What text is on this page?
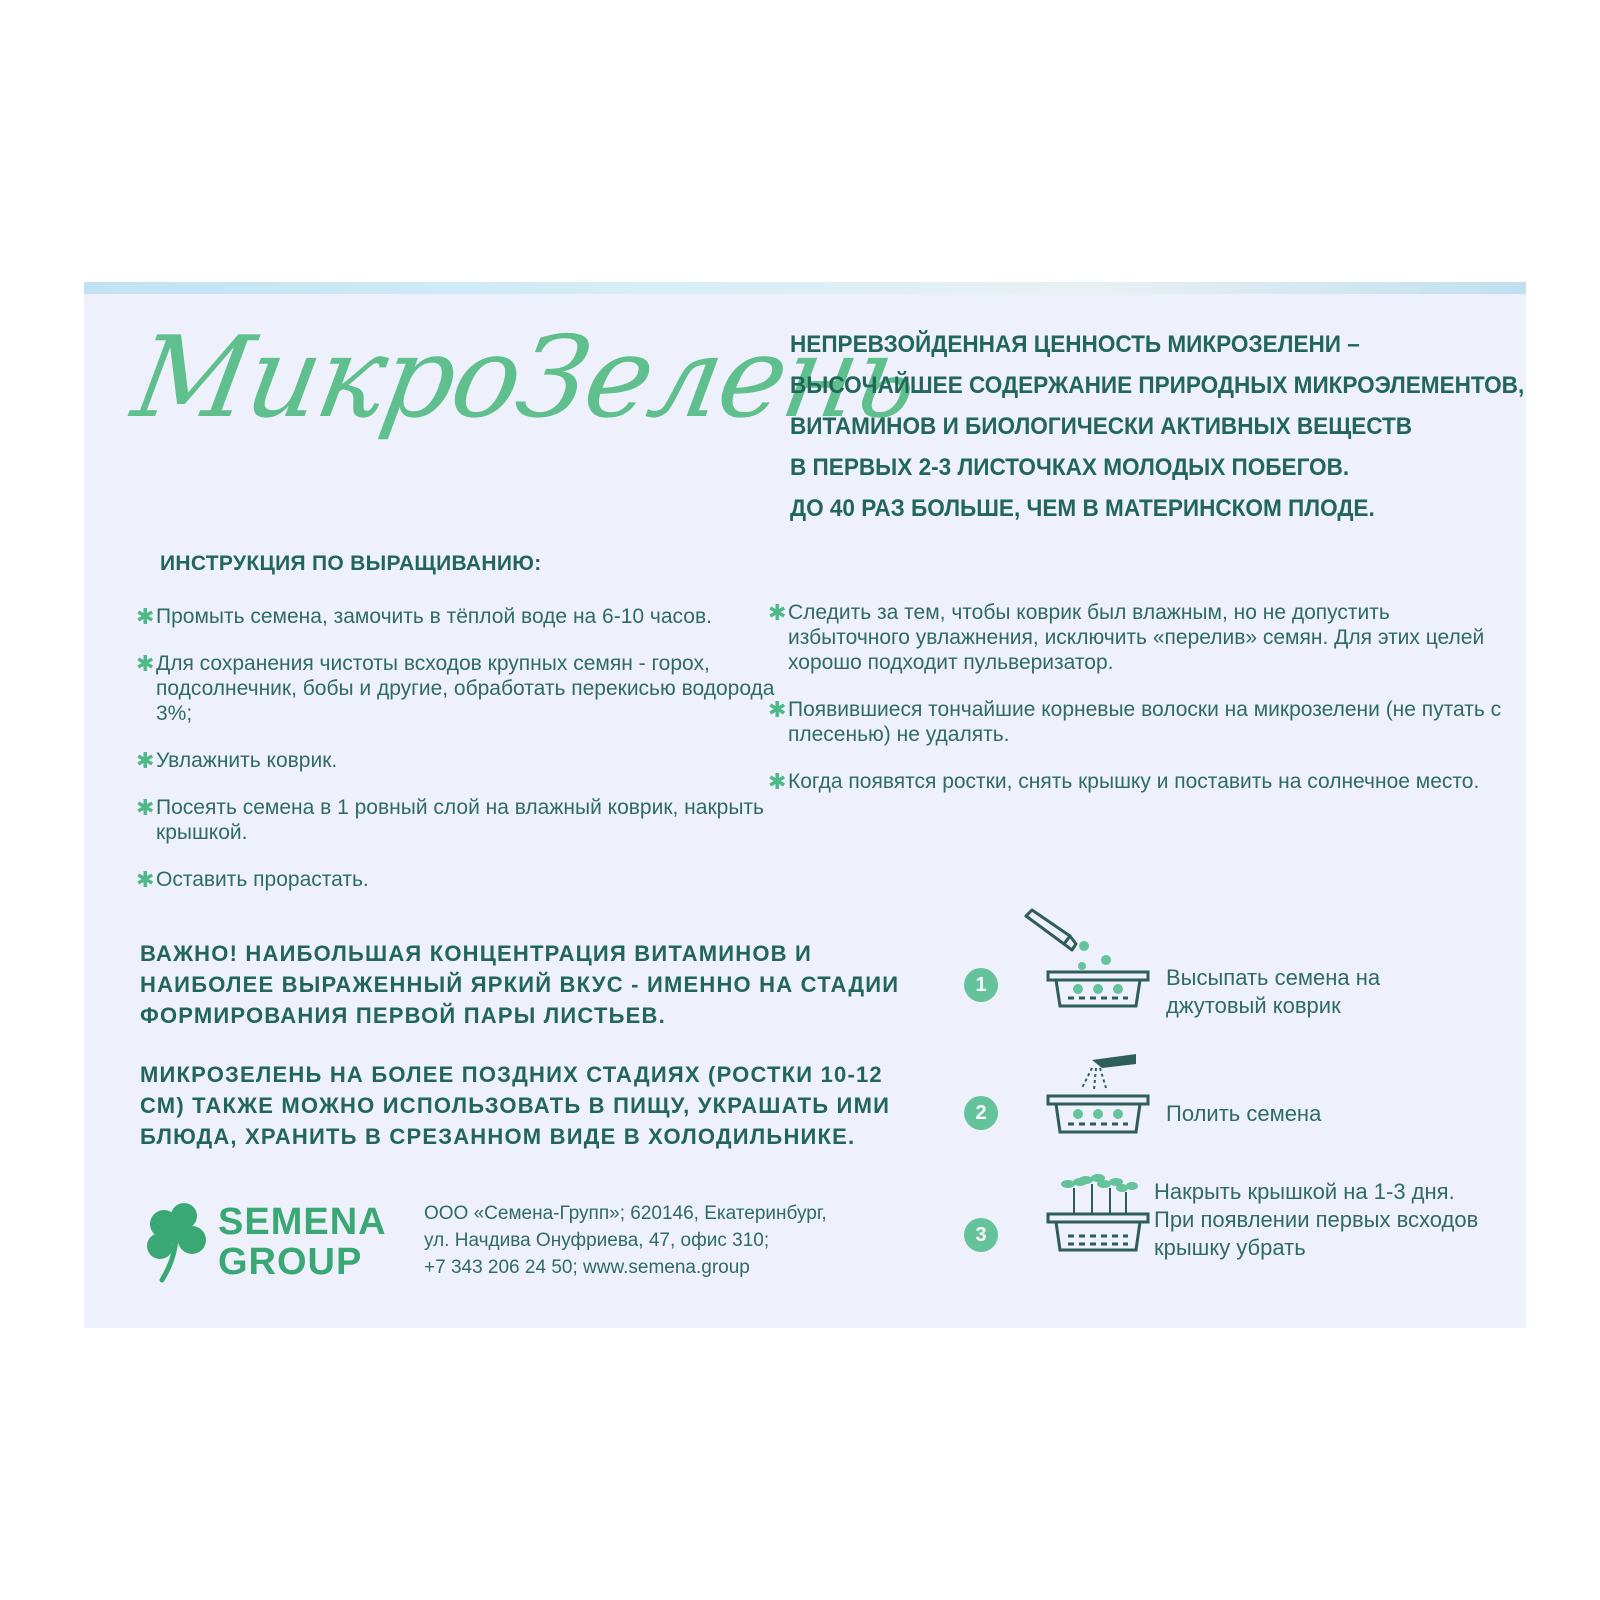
МикроЗелень
НЕПРЕВЗОЙДЕННАЯ ЦЕННОСТЬ МИКРОЗЕЛЕНИ –
ВЫСОЧАЙШЕЕ СОДЕРЖАНИЕ ПРИРОДНЫХ МИКРОЭЛЕМЕНТОВ,
ВИТАМИНОВ И БИОЛОГИЧЕСКИ АКТИВНЫХ ВЕЩЕСТВ
В ПЕРВЫХ 2-3 ЛИСТОЧКАХ МОЛОДЫХ ПОБЕГОВ.
ДО 40 РАЗ БОЛЬШЕ, ЧЕМ В МАТЕРИНСКОМ ПЛОДЕ.
ИНСТРУКЦИЯ ПО ВЫРАЩИВАНИЮ:
✱ Промыть семена, замочить в тёплой воде на 6-10 часов.
✱ Для сохранения чистоты всходов крупных семян - горох, подсолнечник, бобы и другие, обработать перекисью водорода 3%;
✱ Увлажнить коврик.
✱ Посеять семена в 1 ровный слой на влажный коврик, накрыть крышкой.
✱ Оставить прорастать.
✱ Следить за тем, чтобы коврик был влажным, но не допустить избыточного увлажнения, исключить «перелив» семян. Для этих целей хорошо подходит пульверизатор.
✱ Появившиеся тончайшие корневые волоски на микрозелени (не путать с плесенью) не удалять.
✱ Когда появятся ростки, снять крышку и поставить на солнечное место.

ВАЖНО! НАИБОЛЬШАЯ КОНЦЕНТРАЦИЯ ВИТАМИНОВ И НАИБОЛЕЕ ВЫРАЖЕННЫЙ ЯРКИЙ ВКУС - ИМЕННО НА СТАДИИ ФОРМИРОВАНИЯ ПЕРВОЙ ПАРЫ ЛИСТЬЕВ.

МИКРОЗЕЛЕНЬ НА БОЛЕЕ ПОЗДНИХ СТАДИЯХ (РОСТКИ 10-12 СМ) ТАКЖЕ МОЖНО ИСПОЛЬЗОВАТЬ В ПИЩУ, УКРАШАТЬ ИМИ БЛЮДА, ХРАНИТЬ В СРЕЗАННОМ ВИДЕ В ХОЛОДИЛЬНИКЕ.

SEMENA
GROUP
ООО «Семена-Групп»; 620146, Екатеринбург,
ул. Начдива Онуфриева, 47, офис 310;
+7 343 206 24 50; www.semena.group
1	Высыпать семена на
джутовый коврик
2	Полить семена
3
Накрыть крышкой на 1-3 дня.
При появлении первых всходов
крышку убрать
